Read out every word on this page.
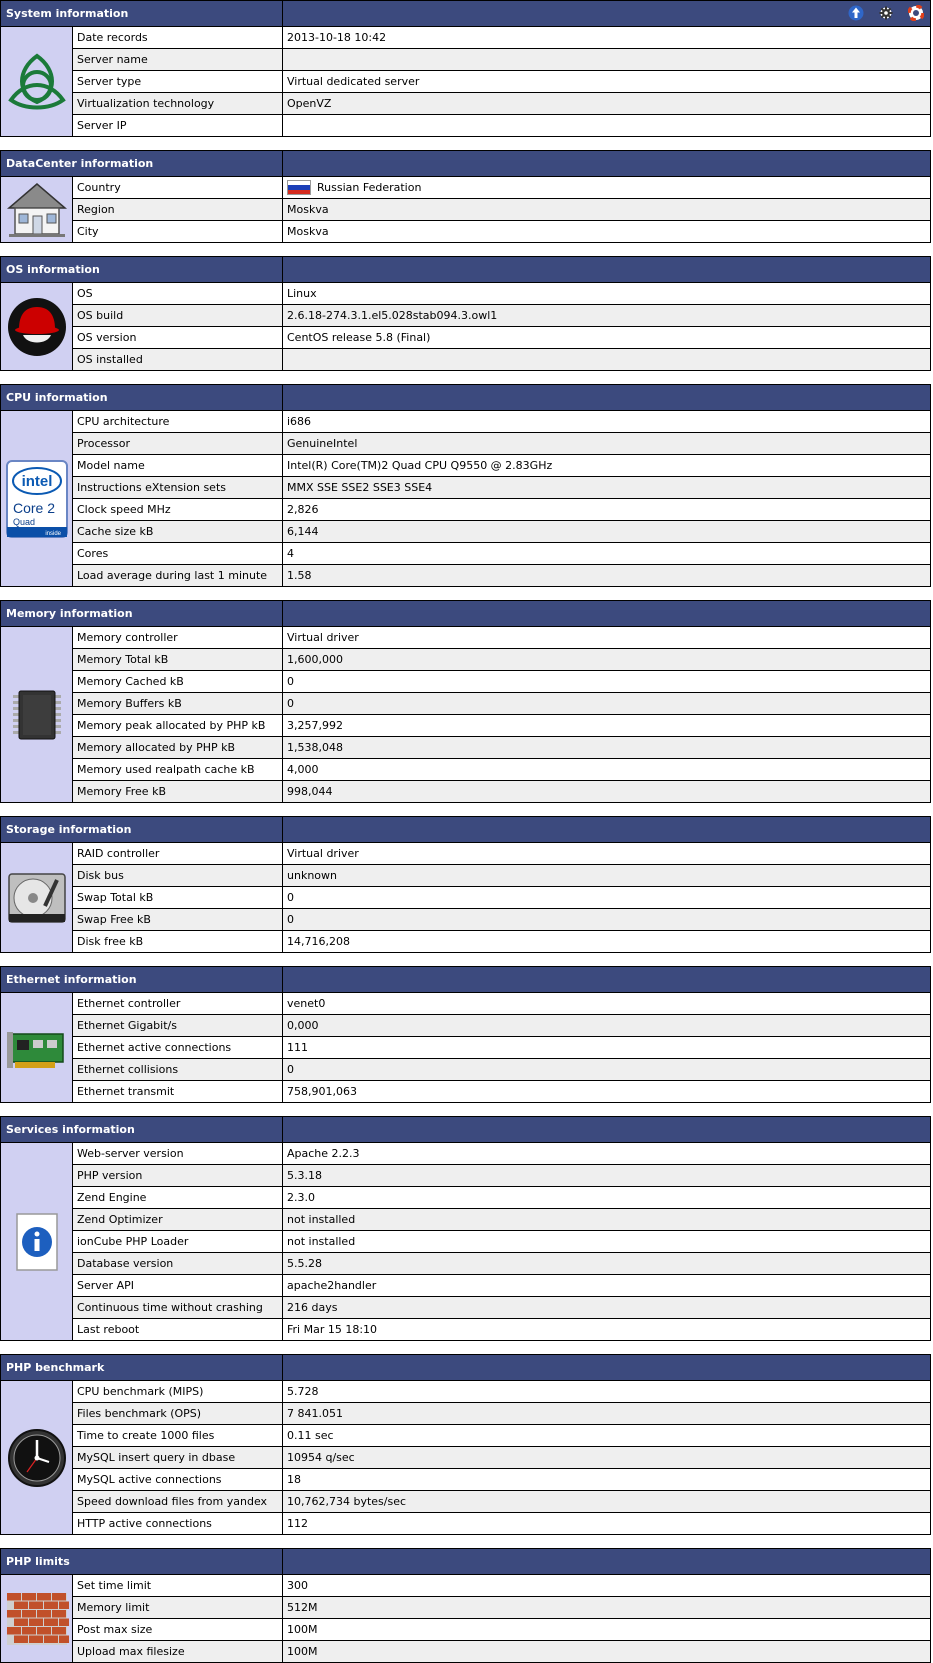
System information
Date records	2013-10-18 10:42
Server name
Server type	Virtual dedicated server
Virtualization technology	OpenVZ
Server IP
DataCenter information
Country	Russian Federation
Region	Moskva
City	Moskva
OS information
OS	Linux
OS build	2.6.18-274.3.1.el5.028stab094.3.owl1
OS version	CentOS release 5.8 (Final)
OS installed
CPU information
intel
Core 2
Quad
inside
CPU architecture	i686
Processor	GenuineIntel
Model name	Intel(R) Core(TM)2 Quad CPU Q9550 @ 2.83GHz
Instructions eXtension sets	MMX SSE SSE2 SSE3 SSE4
Clock speed MHz	2,826
Cache size kB	6,144
Cores	4
Load average during last 1 minute	1.58
Memory information
Memory controller	Virtual driver
Memory Total kB	1,600,000
Memory Cached kB	0
Memory Buffers kB	0
Memory peak allocated by PHP kB	3,257,992
Memory allocated by PHP kB	1,538,048
Memory used realpath cache kB	4,000
Memory Free kB	998,044
Storage information
RAID controller	Virtual driver
Disk bus	unknown
Swap Total kB	0
Swap Free kB	0
Disk free kB	14,716,208
Ethernet information
Ethernet controller	venet0
Ethernet Gigabit/s	0,000
Ethernet active connections	111
Ethernet collisions	0
Ethernet transmit	758,901,063
Services information
Web-server version	Apache 2.2.3
PHP version	5.3.18
Zend Engine	2.3.0
Zend Optimizer	not installed
ionCube PHP Loader	not installed
Database version	5.5.28
Server API	apache2handler
Continuous time without crashing	216 days
Last reboot	Fri Mar 15 18:10
PHP benchmark
CPU benchmark (MIPS)	5.728
Files benchmark (OPS)	7 841.051
Time to create 1000 files	0.11 sec
MySQL insert query in dbase	10954 q/sec
MySQL active connections	18
Speed download files from yandex	10,762,734 bytes/sec
HTTP active connections	112
PHP limits
Set time limit	300
Memory limit	512M
Post max size	100M
Upload max filesize	100M
